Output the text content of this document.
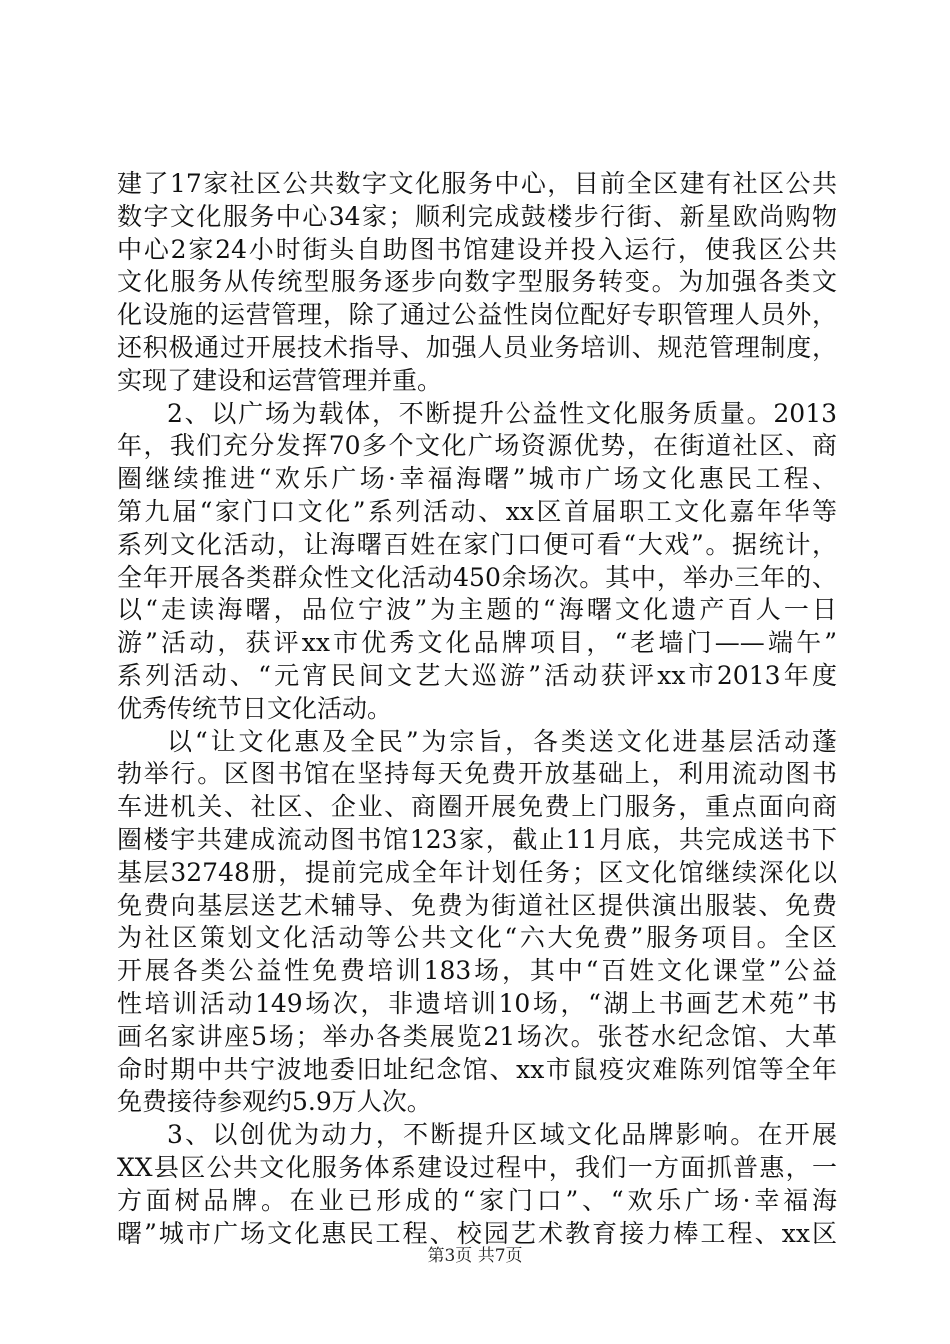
建了17家社区公共数字文化服务中心，目前全区建有社区公共
数字文化服务中心34家；顺利完成鼓楼步行街、新星欧尚购物
中心2家24小时街头自助图书馆建设并投入运行，使我区公共
文化服务从传统型服务逐步向数字型服务转变。为加强各类文
化设施的运营管理，除了通过公益性岗位配好专职管理人员外，
还积极通过开展技术指导、加强人员业务培训、规范管理制度，
实现了建设和运营管理并重。
2、以广场为载体，不断提升公益性文化服务质量。2013
年，我们充分发挥70多个文化广场资源优势，在街道社区、商
圈继续推进“欢乐广场·幸福海曙”城市广场文化惠民工程、
第九届“家门口文化”系列活动、xx区首届职工文化嘉年华等
系列文化活动，让海曙百姓在家门口便可看“大戏”。据统计，
全年开展各类群众性文化活动450余场次。其中，举办三年的、
以“走读海曙，品位宁波”为主题的“海曙文化遗产百人一日
游”活动，获评xx市优秀文化品牌项目，“老墙门——端午”
系列活动、“元宵民间文艺大巡游”活动获评xx市2013年度
优秀传统节日文化活动。
以“让文化惠及全民”为宗旨，各类送文化进基层活动蓬
勃举行。区图书馆在坚持每天免费开放基础上，利用流动图书
车进机关、社区、企业、商圈开展免费上门服务，重点面向商
圈楼宇共建成流动图书馆123家，截止11月底，共完成送书下
基层32748册，提前完成全年计划任务；区文化馆继续深化以
免费向基层送艺术辅导、免费为街道社区提供演出服装、免费
为社区策划文化活动等公共文化“六大免费”服务项目。全区
开展各类公益性免费培训183场，其中“百姓文化课堂”公益
性培训活动149场次，非遗培训10场，“湖上书画艺术苑”书
画名家讲座5场；举办各类展览21场次。张苍水纪念馆、大革
命时期中共宁波地委旧址纪念馆、xx市鼠疫灾难陈列馆等全年
免费接待参观约5.9万人次。
3、以创优为动力，不断提升区域文化品牌影响。在开展
XX县区公共文化服务体系建设过程中，我们一方面抓普惠，一
方面树品牌。在业已形成的“家门口”、“欢乐广场·幸福海
曙”城市广场文化惠民工程、校园艺术教育接力棒工程、xx区
第3页 共7页
